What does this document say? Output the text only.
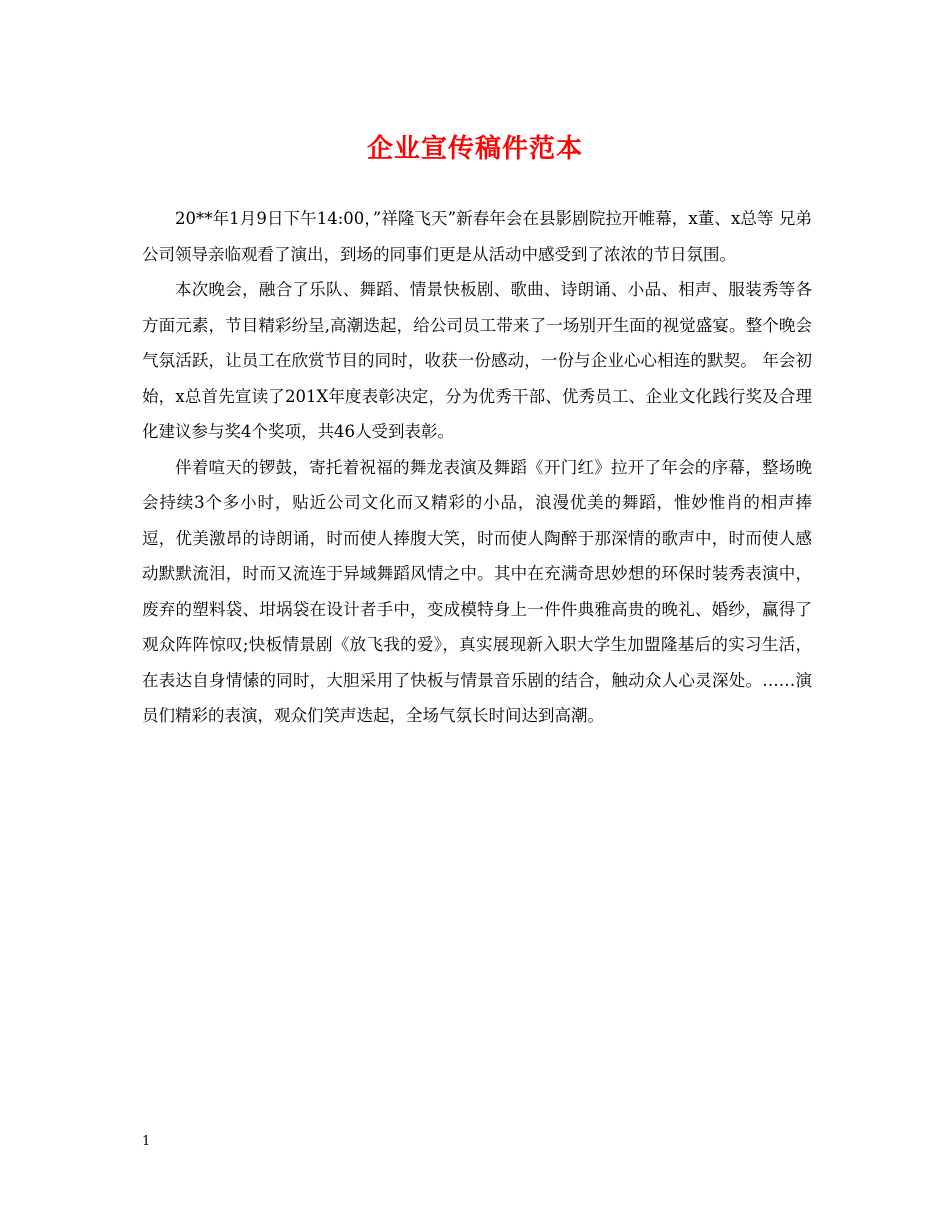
企业宣传稿件范本

20**年1月9日下午14:00，”祥隆飞天”新春年会在县影剧院拉开帷幕，x董、x总等 兄弟公司领导亲临观看了演出，到场的同事们更是从活动中感受到了浓浓的节日氛围。

本次晚会，融合了乐队、舞蹈、情景快板剧、歌曲、诗朗诵、小品、相声、服装秀等各方面元素，节目精彩纷呈,高潮迭起，给公司员工带来了一场别开生面的视觉盛宴。整个晚会气氛活跃，让员工在欣赏节目的同时，收获一份感动，一份与企业心心相连的默契。 年会初始，x总首先宣读了201X年度表彰决定，分为优秀干部、优秀员工、企业文化践行奖及合理化建议参与奖4个奖项，共46人受到表彰。

伴着喧天的锣鼓，寄托着祝福的舞龙表演及舞蹈《开门红》拉开了年会的序幕，整场晚会持续3个多小时，贴近公司文化而又精彩的小品，浪漫优美的舞蹈，惟妙惟肖的相声捧逗，优美激昂的诗朗诵，时而使人捧腹大笑，时而使人陶醉于那深情的歌声中，时而使人感动默默流泪，时而又流连于异域舞蹈风情之中。其中在充满奇思妙想的环保时装秀表演中，废弃的塑料袋、坩埚袋在设计者手中，变成模特身上一件件典雅高贵的晚礼、婚纱，赢得了观众阵阵惊叹;快板情景剧《放飞我的爱》，真实展现新入职大学生加盟隆基后的实习生活，在表达自身情愫的同时，大胆采用了快板与情景音乐剧的结合，触动众人心灵深处。……演员们精彩的表演，观众们笑声迭起，全场气氛长时间达到高潮。

1
